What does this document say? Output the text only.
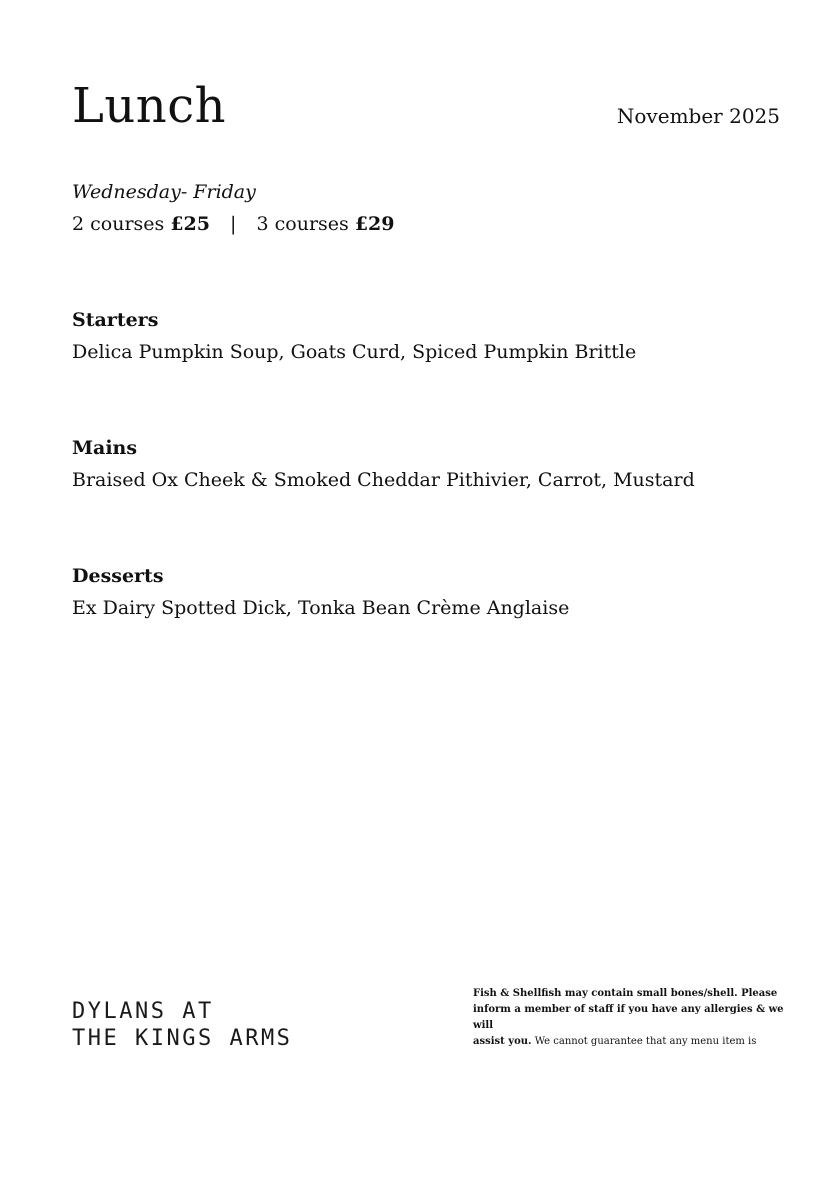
Lunch	November 2025
Wednesday- Friday
2 courses £25 | 3 courses £29
Starters
Delica Pumpkin Soup, Goats Curd, Spiced Pumpkin Brittle
Mains
Braised Ox Cheek & Smoked Cheddar Pithivier, Carrot, Mustard
Desserts
Ex Dairy Spotted Dick, Tonka Bean Crème Anglaise
DYLANS AT
THE KINGS ARMS
Fish & Shellfish may contain small bones/shell. Please
inform a member of staff if you have any allergies & we will
assist you. We cannot guarantee that any menu item is
